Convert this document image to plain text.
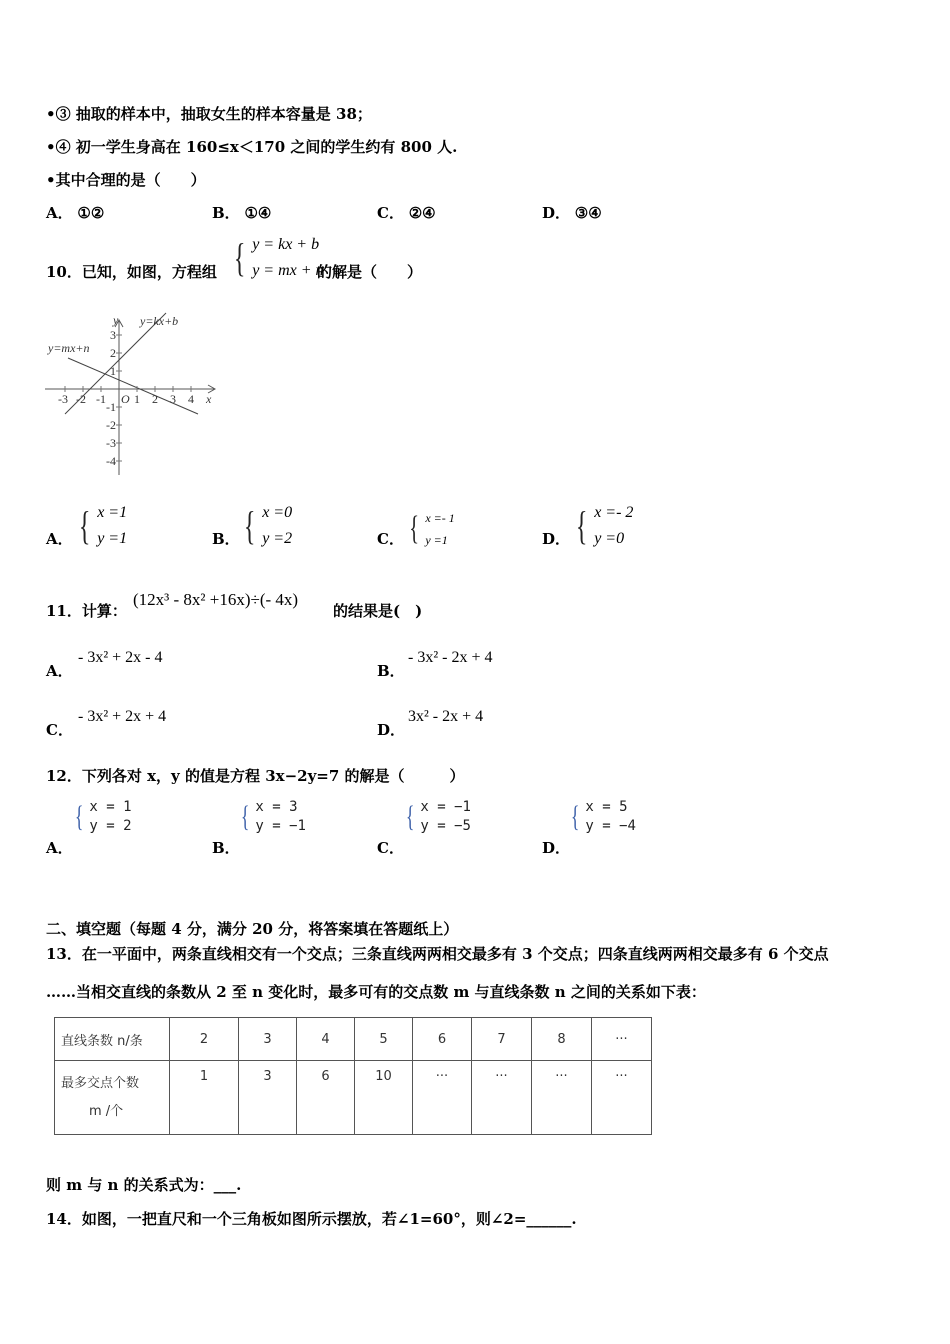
•③ 抽取的样本中，抽取女生的样本容量是 38；
•④ 初一学生身高在 160≤x＜170 之间的学生约有 800 人.
•其中合理的是（　　）
A． ①②	B． ①④	C． ②④	D． ③④
10．已知，如图，方程组 { y = kx + b
y = mx + n
的解是（　　）
y=kx+b
y=mx+n
x
y
O
-3 -2 -1 1 2 3 4
3
2
1
-1
-2
-3
-4
A． { x =1
y =1	B． { x =0
y =2	C． { x =- 1
y =1	D． { x =- 2
y =0
11．计算：
(12x³ - 8x² +16x)÷(- 4x)
的结果是(　)
A．
- 3x² + 2x - 4
B．
- 3x² - 2x + 4
C．
- 3x² + 2x + 4
D．
3x² - 2x + 4
12．下列各对 x，y 的值是方程 3x−2y=7 的解是（　　　）
{ x = 1
y = 2
A．
{ x = 3
y = −1
B．
{ x = −1
y = −5
C．
{ x = 5
y = −4
D．
二、填空题（每题 4 分，满分 20 分，将答案填在答题纸上）
13．在一平面中，两条直线相交有一个交点；三条直线两两相交最多有 3 个交点；四条直线两两相交最多有 6 个交点
……当相交直线的条数从 2 至 n 变化时，最多可有的交点数 m 与直线条数 n 之间的关系如下表：
直线条数 n/条	2	3	4	5	6	7	8	···

最多交点个数
m /个	1	3	6	10	···	···	···	···
则 m 与 n 的关系式为：___.
14．如图，一把直尺和一个三角板如图所示摆放，若∠1=60°，则∠2=______.
